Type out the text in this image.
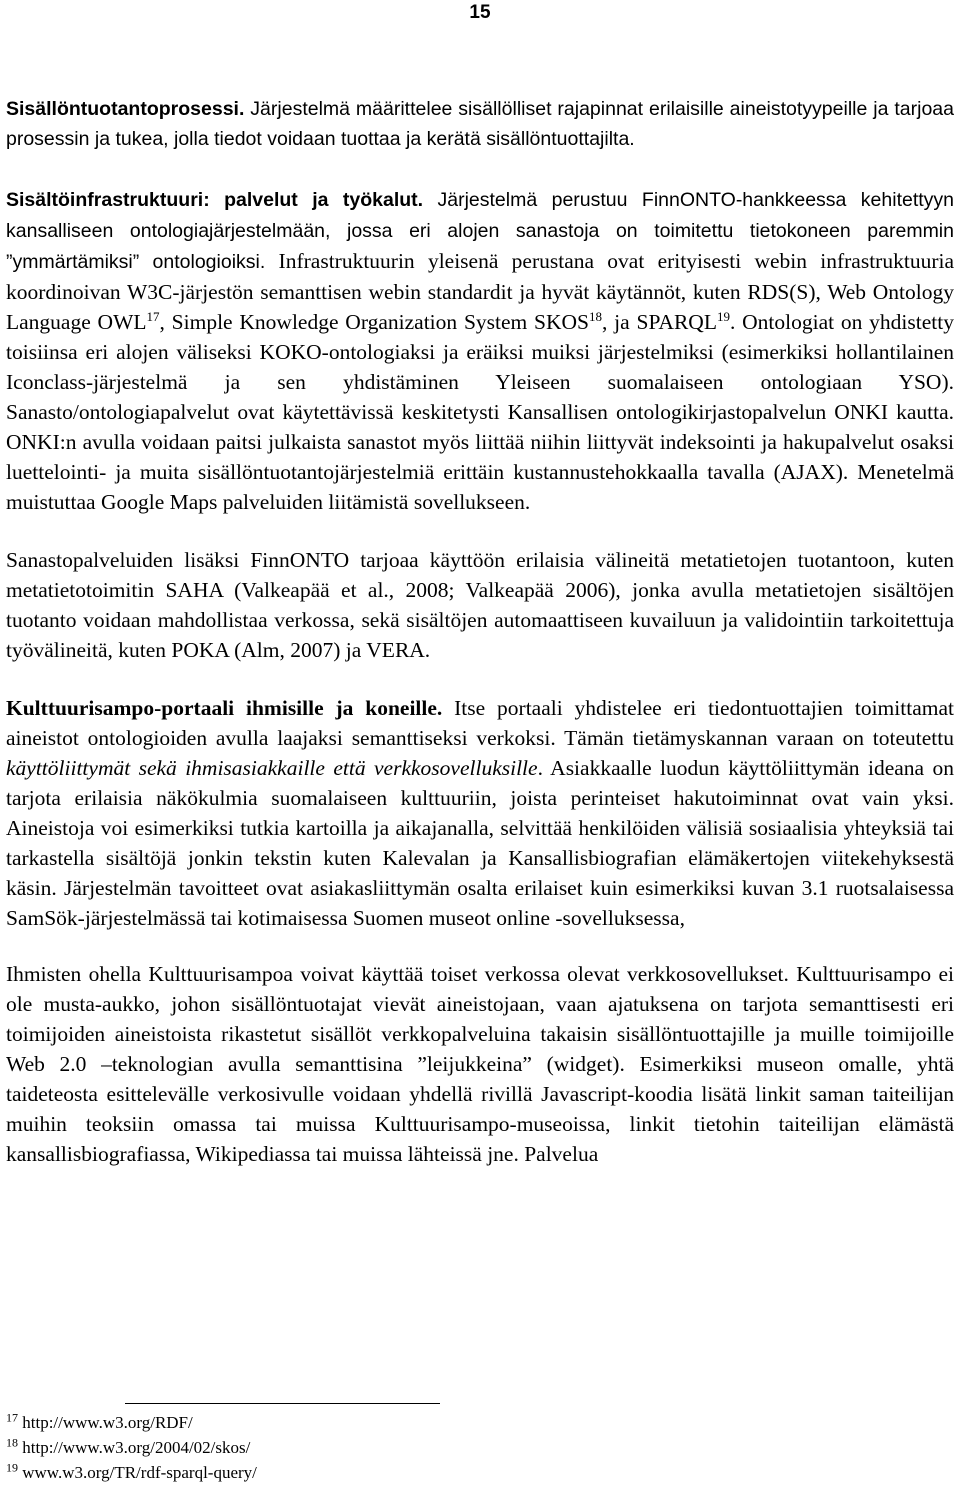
15

Sisällöntuotantoprosessi. Järjestelmä määrittelee sisällölliset rajapinnat erilaisille aineistotyypeille ja tarjoaa prosessin ja tukea, jolla tiedot voidaan tuottaa ja kerätä sisällöntuottajilta.

Sisältöinfrastruktuuri: palvelut ja työkalut. Järjestelmä perustuu FinnONTO-hankkeessa kehitettyyn kansalliseen ontologiajärjestelmään, jossa eri alojen sanastoja on toimitettu tietokoneen paremmin ”ymmärtämiksi” ontologioiksi. Infrastruktuurin yleisenä perustana ovat erityisesti webin infrastruktuuria koordinoivan W3C-järjestön semanttisen webin standardit ja hyvät käytännöt, kuten RDS(S), Web Ontology Language OWL$^{17}$, Simple Knowledge Organization System SKOS$^{18}$, ja SPARQL$^{19}$. Ontologiat on yhdistetty toisiinsa eri alojen väliseksi KOKO-ontologiaksi ja eräiksi muiksi järjestelmiksi (esimerkiksi hollantilainen Iconclass-järjestelmä ja sen yhdistäminen Yleiseen suomalaiseen ontologiaan YSO). Sanasto/ontologiapalvelut ovat käytettävissä keskitetysti Kansallisen ontologikirjastopalvelun ONKI kautta. ONKI:n avulla voidaan paitsi julkaista sanastot myös liittää niihin liittyvät indeksointi ja hakupalvelut osaksi luettelointi- ja muita sisällöntuotantojärjestelmiä erittäin kustannustehokkaalla tavalla (AJAX). Menetelmä muistuttaa Google Maps palveluiden liitämistä sovellukseen.

Sanastopalveluiden lisäksi FinnONTO tarjoaa käyttöön erilaisia välineitä metatietojen tuotantoon, kuten metatietotoimitin SAHA (Valkeapää et al., 2008; Valkeapää 2006), jonka avulla metatietojen sisältöjen tuotanto voidaan mahdollistaa verkossa, sekä sisältöjen automaattiseen kuvailuun ja validointiin tarkoitettuja työvälineitä, kuten POKA (Alm, 2007) ja VERA.

Kulttuurisampo-portaali ihmisille ja koneille. Itse portaali yhdistelee eri tiedontuottajien toimittamat aineistot ontologioiden avulla laajaksi semanttiseksi verkoksi. Tämän tietämyskannan varaan on toteutettu käyttöliittymät sekä ihmisasiakkaille että verkkosovelluksille. Asiakkaalle luodun käyttöliittymän ideana on tarjota erilaisia näkökulmia suomalaiseen kulttuuriin, joista perinteiset hakutoiminnat ovat vain yksi. Aineistoja voi esimerkiksi tutkia kartoilla ja aikajanalla, selvittää henkilöiden välisiä sosiaalisia yhteyksiä tai tarkastella sisältöjä jonkin tekstin kuten Kalevalan ja Kansallisbiografian elämäkertojen viitekehyksestä käsin. Järjestelmän tavoitteet ovat asiakasliittymän osalta erilaiset kuin esimerkiksi kuvan 3.1 ruotsalaisessa SamSök-järjestelmässä tai kotimaisessa Suomen museot online -sovelluksessa,

Ihmisten ohella Kulttuurisampoa voivat käyttää toiset verkossa olevat verkkosovellukset. Kulttuurisampo ei ole musta-aukko, johon sisällöntuotajat vievät aineistojaan, vaan ajatuksena on tarjota semanttisesti eri toimijoiden aineistoista rikastetut sisällöt verkkopalveluina takaisin sisällöntuottajille ja muille toimijoille Web 2.0 –teknologian avulla semanttisina ”leijukkeina” (widget). Esimerkiksi museon omalle, yhtä taideteosta esittelevälle verkosivulle voidaan yhdellä rivillä Javascript-koodia lisätä linkit saman taiteilijan muihin teoksiin omassa tai muissa Kulttuurisampo-museoissa, linkit tietohin taiteilijan elämästä kansallisbiografiassa, Wikipediassa tai muissa lähteissä jne. Palvelua

$^{17}$ http://www.w3.org/RDF/
$^{18}$ http://www.w3.org/2004/02/skos/
$^{19}$ www.w3.org/TR/rdf-sparql-query/
